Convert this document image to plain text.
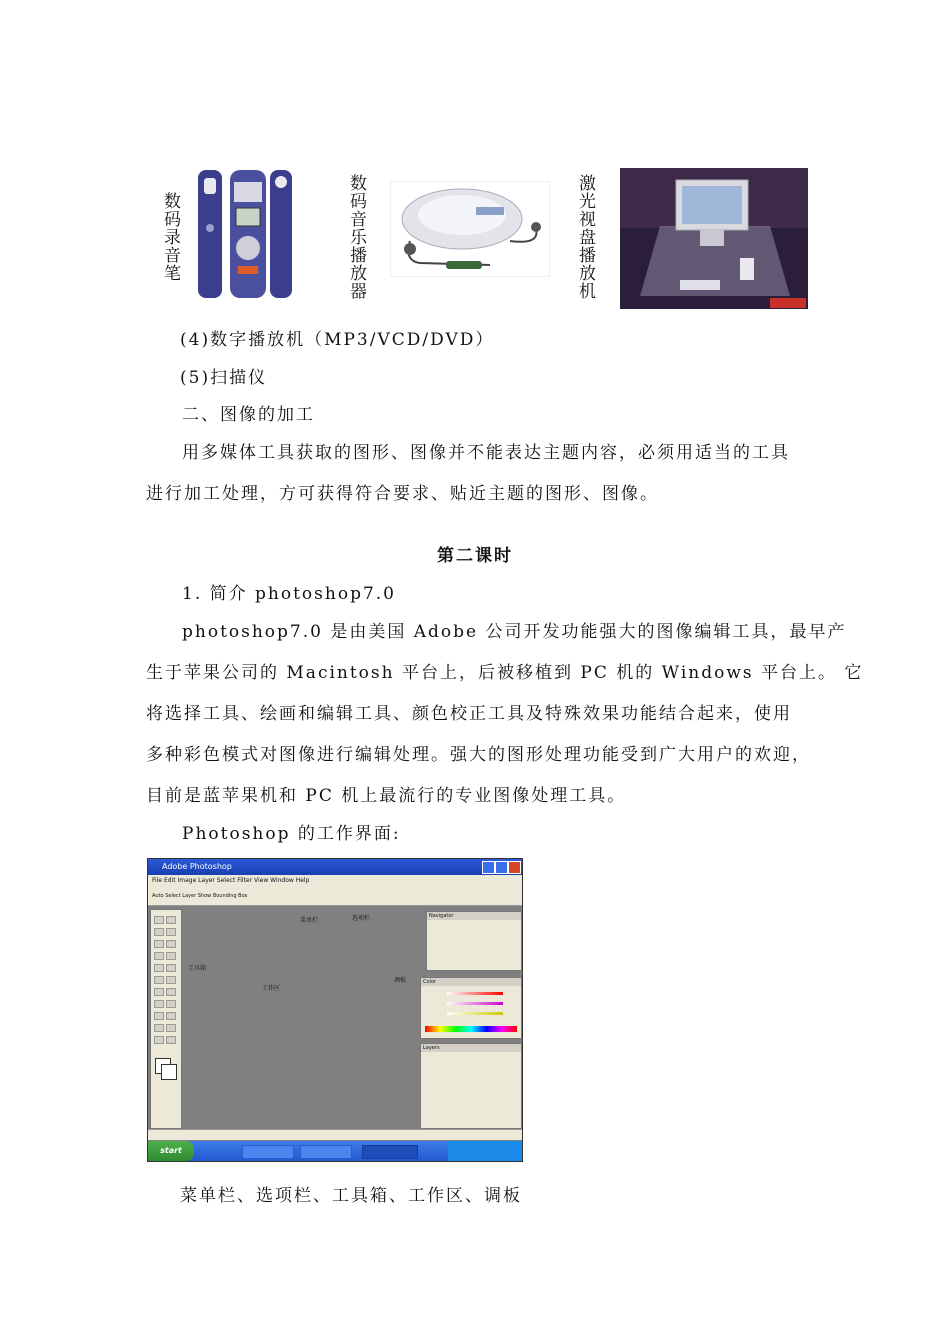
数码录音笔	数码音乐播放器	激光视盘播放机
(4)数字播放机（MP3/VCD/DVD）
(5)扫描仪
二、图像的加工
用多媒体工具获取的图形、图像并不能表达主题内容，必须用适当的工具
进行加工处理，方可获得符合要求、贴近主题的图形、图像。
第二课时
1. 简介 photoshop7.0
photoshop7.0 是由美国 Adobe 公司开发功能强大的图像编辑工具，最早产
生于苹果公司的 Macintosh 平台上，后被移植到 PC 机的 Windows 平台上。 它
将选择工具、绘画和编辑工具、颜色校正工具及特殊效果功能结合起来，使用
多种彩色模式对图像进行编辑处理。强大的图形处理功能受到广大用户的欢迎，
目前是蓝苹果机和 PC 机上最流行的专业图像处理工具。
Photoshop 的工作界面:
Adobe Photoshop
File Edit Image Layer Select Filter View Window Help
Auto Select Layer Show Bounding Box
Navigator
Color
Layers
菜单栏	选项栏
工具箱
工作区
调板
start
菜单栏、选项栏、工具箱、工作区、调板
